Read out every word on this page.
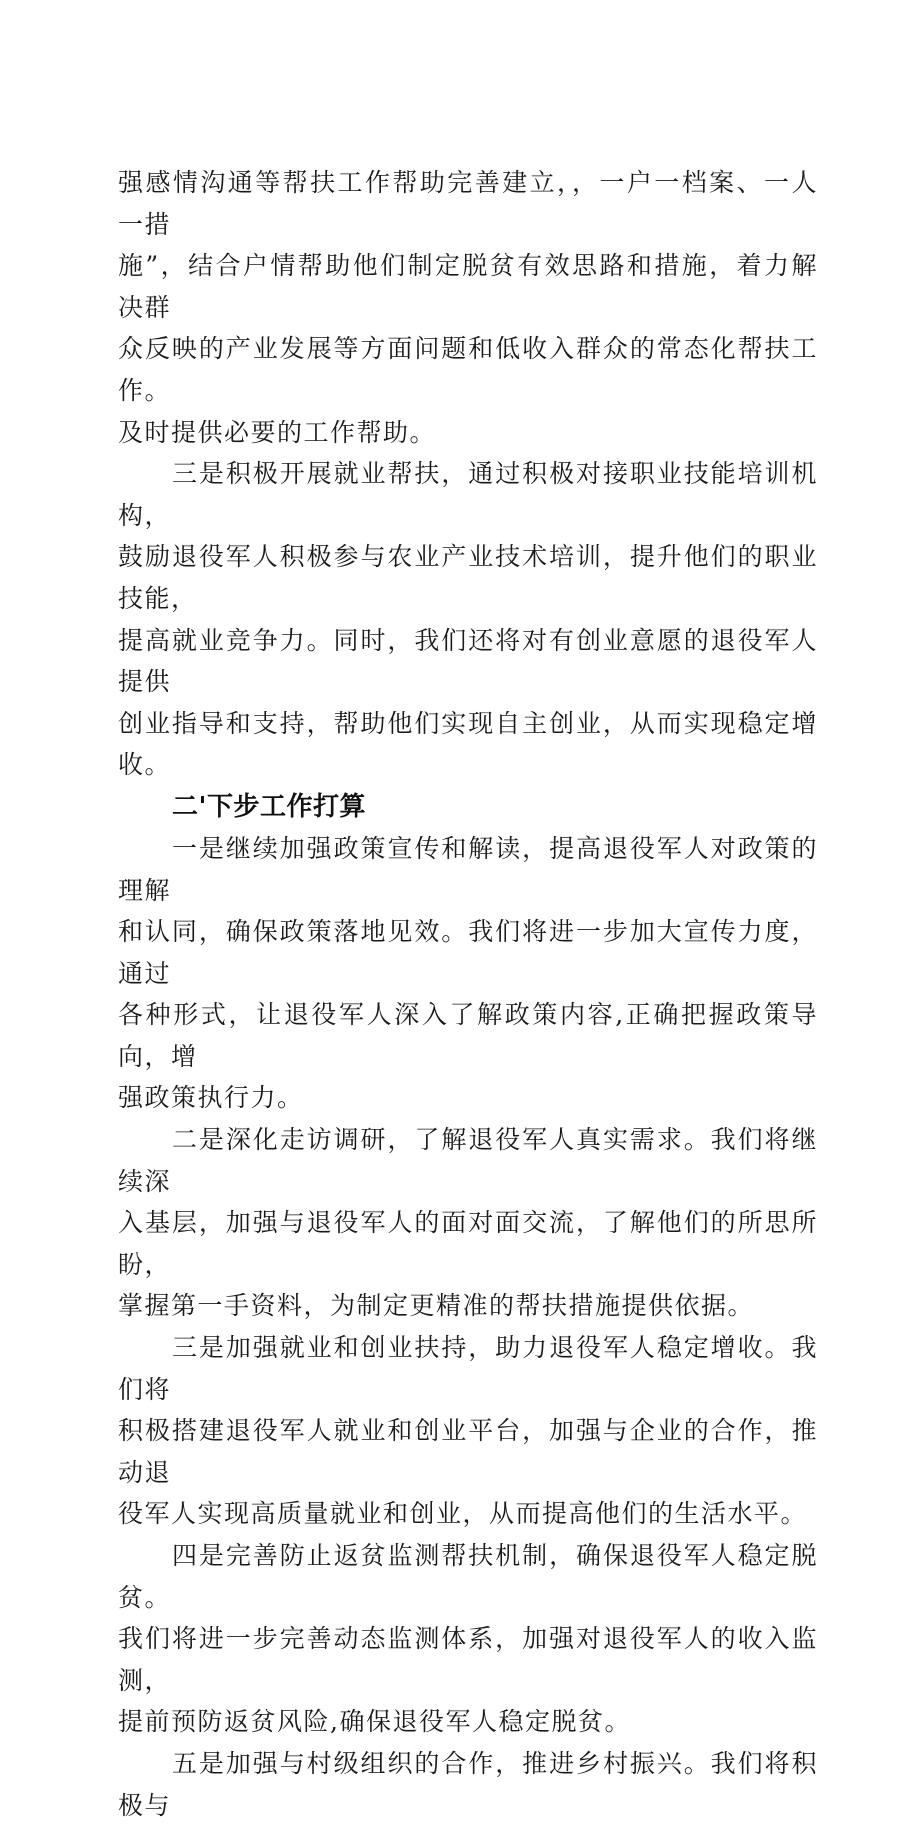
强感情沟通等帮扶工作帮助完善建立，，一户一档案、一人一措
施”，结合户情帮助他们制定脱贫有效思路和措施，着力解决群
众反映的产业发展等方面问题和低收入群众的常态化帮扶工作。
及时提供必要的工作帮助。

三是积极开展就业帮扶，通过积极对接职业技能培训机构，
鼓励退役军人积极参与农业产业技术培训，提升他们的职业技能，
提高就业竞争力。同时，我们还将对有创业意愿的退役军人提供
创业指导和支持，帮助他们实现自主创业，从而实现稳定增收。

二'下步工作打算

一是继续加强政策宣传和解读，提高退役军人对政策的理解
和认同，确保政策落地见效。我们将进一步加大宣传力度，通过
各种形式，让退役军人深入了解政策内容,正确把握政策导向，增
强政策执行力。

二是深化走访调研，了解退役军人真实需求。我们将继续深
入基层，加强与退役军人的面对面交流，了解他们的所思所盼，
掌握第一手资料，为制定更精准的帮扶措施提供依据。

三是加强就业和创业扶持，助力退役军人稳定增收。我们将
积极搭建退役军人就业和创业平台，加强与企业的合作，推动退
役军人实现高质量就业和创业，从而提高他们的生活水平。

四是完善防止返贫监测帮扶机制，确保退役军人稳定脱贫。
我们将进一步完善动态监测体系，加强对退役军人的收入监测，
提前预防返贫风险,确保退役军人稳定脱贫。

五是加强与村级组织的合作，推进乡村振兴。我们将积极与
